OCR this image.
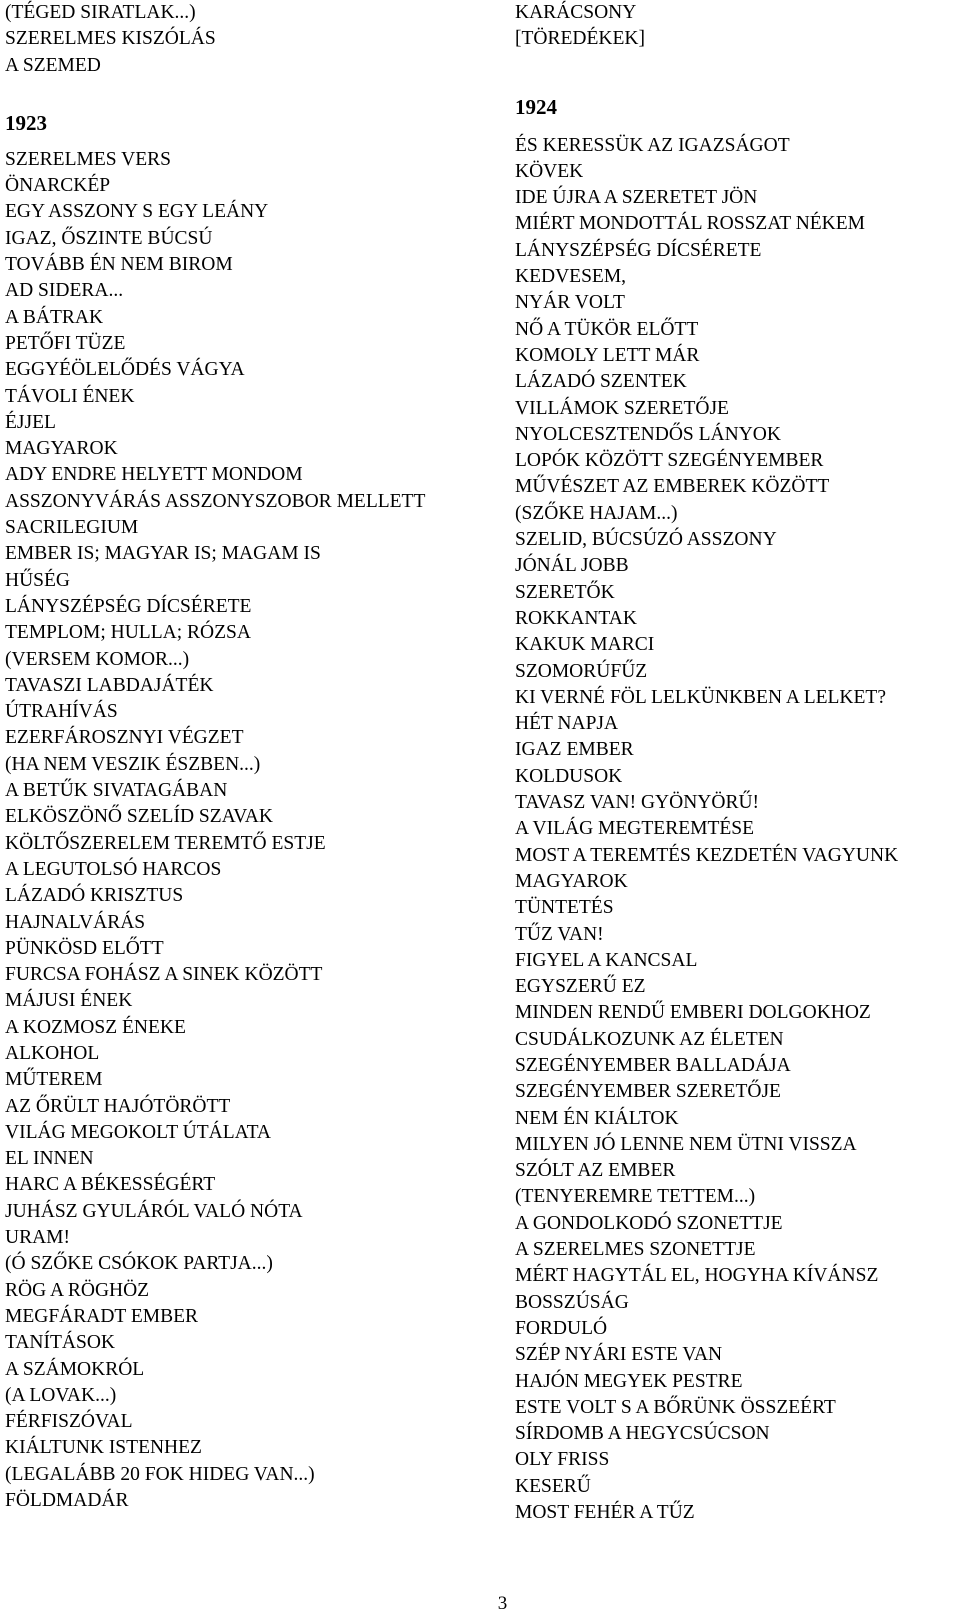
(TÉGED SIRATLAK...)
SZERELMES KISZÓLÁS
A SZEMED
1923
SZERELMES VERS
ÖNARCKÉP
EGY ASSZONY S EGY LEÁNY
IGAZ, ŐSZINTE BÚCSÚ
TOVÁBB ÉN NEM BIROM
AD SIDERA...
A BÁTRAK
PETŐFI TÜZE
EGGYÉÖLELŐDÉS VÁGYA
TÁVOLI ÉNEK
ÉJJEL
MAGYAROK
ADY ENDRE HELYETT MONDOM
ASSZONYVÁRÁS ASSZONYSZOBOR MELLETT
SACRILEGIUM
EMBER IS; MAGYAR IS; MAGAM IS
HŰSÉG
LÁNYSZÉPSÉG DÍCSÉRETE
TEMPLOM; HULLA; RÓZSA
(VERSEM KOMOR...)
TAVASZI LABDAJÁTÉK
ÚTRAHÍVÁS
EZERFÁROSZNYI VÉGZET
(HA NEM VESZIK ÉSZBEN...)
A BETŰK SIVATAGÁBAN
ELKÖSZÖNŐ SZELÍD SZAVAK
KÖLTŐSZERELEM TEREMTŐ ESTJE
A LEGUTOLSÓ HARCOS
LÁZADÓ KRISZTUS
HAJNALVÁRÁS
PÜNKÖSD ELŐTT
FURCSA FOHÁSZ A SINEK KÖZÖTT
MÁJUSI ÉNEK
A KOZMOSZ ÉNEKE
ALKOHOL
MŰTEREM
AZ ŐRÜLT HAJÓTÖRÖTT
VILÁG MEGOKOLT ÚTÁLATA
EL INNEN
HARC A BÉKESSÉGÉRT
JUHÁSZ GYULÁRÓL VALÓ NÓTA
URAM!
(Ó SZŐKE CSÓKOK PARTJA...)
RÖG A RÖGHÖZ
MEGFÁRADT EMBER
TANÍTÁSOK
A SZÁMOKRÓL
(A LOVAK...)
FÉRFISZÓVAL
KIÁLTUNK ISTENHEZ
(LEGALÁBB 20 FOK HIDEG VAN...)
FÖLDMADÁR
KARÁCSONY
[TÖREDÉKEK]
1924
ÉS KERESSÜK AZ IGAZSÁGOT
KÖVEK
IDE ÚJRA A SZERETET JÖN
MIÉRT MONDOTTÁL ROSSZAT NÉKEM
LÁNYSZÉPSÉG DÍCSÉRETE
KEDVESEM,
NYÁR VOLT
NŐ A TÜKÖR ELŐTT
KOMOLY LETT MÁR
LÁZADÓ SZENTEK
VILLÁMOK SZERETŐJE
NYOLCESZTENDŐS LÁNYOK
LOPÓK KÖZÖTT SZEGÉNYEMBER
MŰVÉSZET AZ EMBEREK KÖZÖTT
(SZŐKE HAJAM...)
SZELID, BÚCSÚZÓ ASSZONY
JÓNÁL JOBB
SZERETŐK
ROKKANTAK
KAKUK MARCI
SZOMORÚFŰZ
KI VERNÉ FÖL LELKÜNKBEN A LELKET?
HÉT NAPJA
IGAZ EMBER
KOLDUSOK
TAVASZ VAN! GYÖNYÖRŰ!
A VILÁG MEGTEREMTÉSE
MOST A TEREMTÉS KEZDETÉN VAGYUNK
MAGYAROK
TÜNTETÉS
TŰZ VAN!
FIGYEL A KANCSAL
EGYSZERŰ EZ
MINDEN RENDŰ EMBERI DOLGOKHOZ
CSUDÁLKOZUNK AZ ÉLETEN
SZEGÉNYEMBER BALLADÁJA
SZEGÉNYEMBER SZERETŐJE
NEM ÉN KIÁLTOK
MILYEN JÓ LENNE NEM ÜTNI VISSZA
SZÓLT AZ EMBER
(TENYEREMRE TETTEM...)
A GONDOLKODÓ SZONETTJE
A SZERELMES SZONETTJE
MÉRT HAGYTÁL EL, HOGYHA KÍVÁNSZ
BOSSZÚSÁG
FORDULÓ
SZÉP NYÁRI ESTE VAN
HAJÓN MEGYEK PESTRE
ESTE VOLT S A BŐRÜNK ÖSSZEÉRT
SÍRDOMB A HEGYCSÚCSON
OLY FRISS
KESERŰ
MOST FEHÉR A TŰZ
3
